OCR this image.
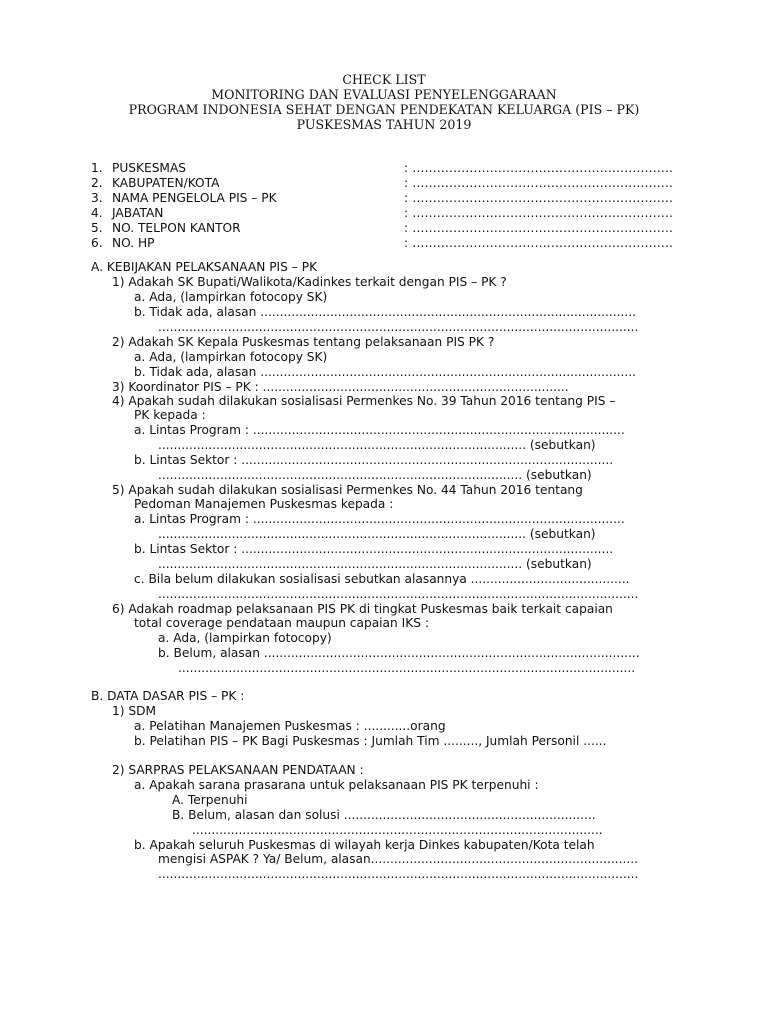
CHECK LIST
MONITORING DAN EVALUASI PENYELENGGARAAN
PROGRAM INDONESIA SEHAT DENGAN PENDEKATAN KELUARGA (PIS – PK)
PUSKESMAS TAHUN 2019
1. PUSKESMAS	: ................................................................
2. KABUPATEN/KOTA	: ................................................................
3. NAMA PENGELOLA PIS – PK	: ................................................................
4. JABATAN	: ................................................................
5. NO. TELPON KANTOR	: ................................................................
6. NO. HP	: ................................................................
A. KEBIJAKAN PELAKSANAAN PIS – PK
1) Adakah SK Bupati/Walikota/Kadinkes terkait dengan PIS – PK ?
a. Ada, (lampirkan fotocopy SK)
b. Tidak ada, alasan .................................................................................................
............................................................................................................................
2) Adakah SK Kepala Puskesmas tentang pelaksanaan PIS PK ?
a. Ada, (lampirkan fotocopy SK)
b. Tidak ada, alasan .................................................................................................
3) Koordinator PIS – PK : ...............................................................................
4) Apakah sudah dilakukan sosialisasi Permenkes No. 39 Tahun 2016 tentang PIS –
PK kepada :
a. Lintas Program : ................................................................................................
............................................................................................... (sebutkan)
b. Lintas Sektor : ................................................................................................
.............................................................................................. (sebutkan)
5) Apakah sudah dilakukan sosialisasi Permenkes No. 44 Tahun 2016 tentang
Pedoman Manajemen Puskesmas kepada :
a. Lintas Program : ................................................................................................
............................................................................................... (sebutkan)
b. Lintas Sektor : ................................................................................................
.............................................................................................. (sebutkan)
c. Bila belum dilakukan sosialisasi sebutkan alasannya .........................................
............................................................................................................................
6) Adakah roadmap pelaksanaan PIS PK di tingkat Puskesmas baik terkait capaian
total coverage pendataan maupun capaian IKS :
a. Ada, (lampirkan fotocopy)
b. Belum, alasan .................................................................................................
......................................................................................................................
B. DATA DASAR PIS – PK :
1) SDM
a. Pelatihan Manajemen Puskesmas : ............orang
b. Pelatihan PIS – PK Bagi Puskesmas : Jumlah Tim ........., Jumlah Personil ......
2) SARPRAS PELAKSANAAN PENDATAAN :
a. Apakah sarana prasarana untuk pelaksanaan PIS PK terpenuhi :
A. Terpenuhi
B. Belum, alasan dan solusi .................................................................
..........................................................................................................
b. Apakah seluruh Puskesmas di wilayah kerja Dinkes kabupaten/Kota telah
mengisi ASPAK ? Ya/ Belum, alasan.....................................................................
............................................................................................................................
